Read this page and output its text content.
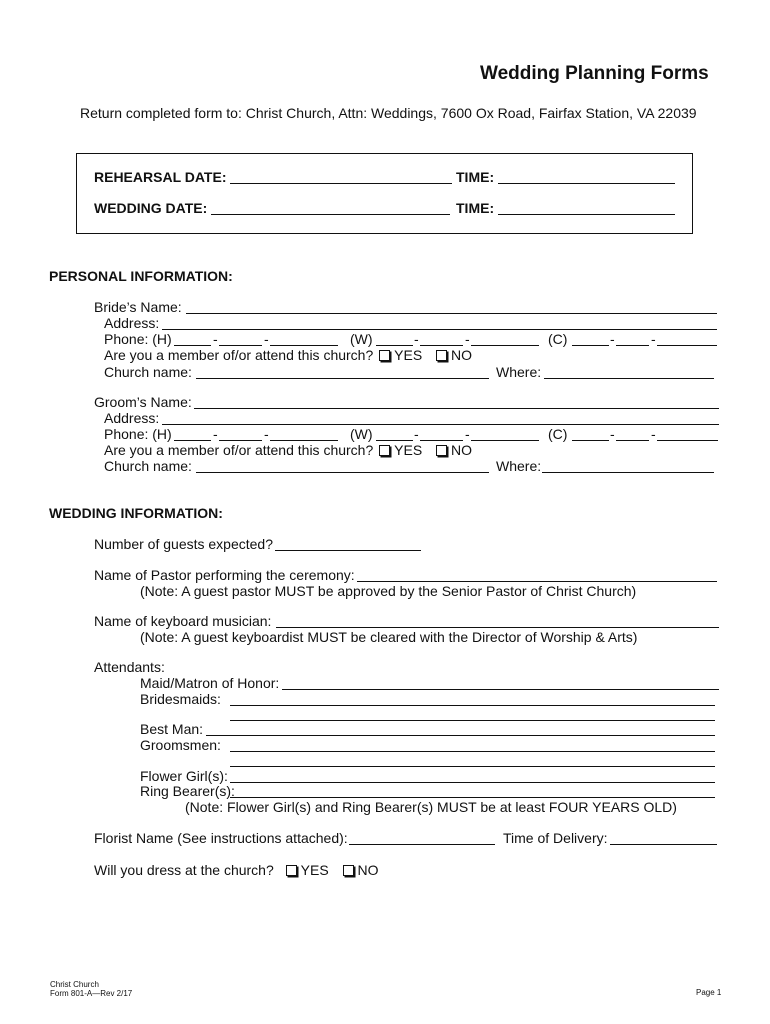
Wedding Planning Forms
Return completed form to: Christ Church, Attn: Weddings, 7600 Ox Road, Fairfax Station, VA 22039
REHEARSAL DATE:	TIME:
WEDDING DATE:	TIME:
PERSONAL INFORMATION:
Bride’s Name:
Address:
Phone: (H)	-	-	(W)	-	-	(C)	-	-
Are you a member of/or attend this church? YES NO
Church name:	Where:
Groom’s Name:
Address:
Phone: (H)	-	-	(W)	-	-	(C)	-	-
Are you a member of/or attend this church? YES NO
Church name:	Where:
WEDDING INFORMATION:
Number of guests expected?
Name of Pastor performing the ceremony:
(Note: A guest pastor MUST be approved by the Senior Pastor of Christ Church)
Name of keyboard musician:
(Note: A guest keyboardist MUST be cleared with the Director of Worship & Arts)
Attendants:
Maid/Matron of Honor:
Bridesmaids:
Best Man:
Groomsmen:
Flower Girl(s):
Ring Bearer(s):
(Note: Flower Girl(s) and Ring Bearer(s) MUST be at least FOUR YEARS OLD)
Florist Name (See instructions attached):	Time of Delivery:
Will you dress at the church? YES NO
Christ Church
Form 801-A—Rev 2/17	Page 1
